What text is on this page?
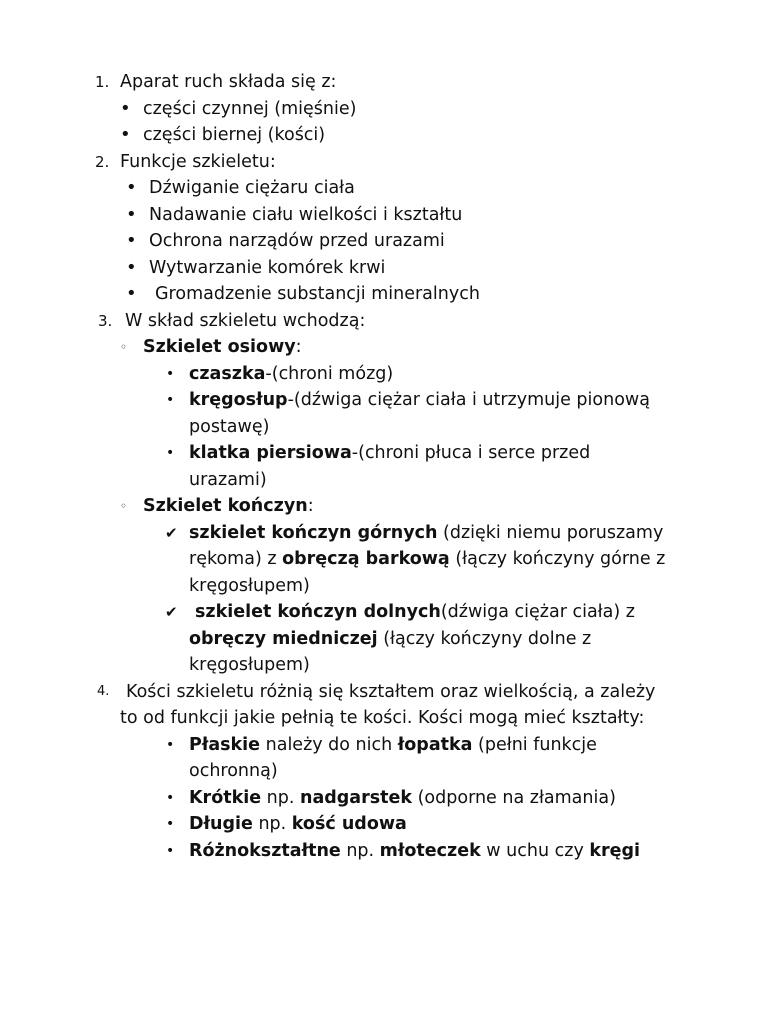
1. Aparat ruch składa się z:
• części czynnej (mięśnie)
• części biernej (kości)
2. Funkcje szkieletu:
• Dźwiganie ciężaru ciała
• Nadawanie ciału wielkości i kształtu
• Ochrona narządów przed urazami
• Wytwarzanie komórek krwi
• Gromadzenie substancji mineralnych
3. W skład szkieletu wchodzą:
◦ Szkielet osiowy:
• czaszka-(chroni mózg)
• kręgosłup-(dźwiga ciężar ciała i utrzymuje pionową
postawę)
• klatka piersiowa-(chroni płuca i serce przed
urazami)
◦ Szkielet kończyn:
✔ szkielet kończyn górnych (dzięki niemu poruszamy
rękoma) z obręczą barkową (łączy kończyny górne z
kręgosłupem)
✔ szkielet kończyn dolnych(dźwiga ciężar ciała) z
obręczy miedniczej (łączy kończyny dolne z
kręgosłupem)
4. Kości szkieletu różnią się kształtem oraz wielkością, a zależy
to od funkcji jakie pełnią te kości. Kości mogą mieć kształty:
• Płaskie należy do nich łopatka (pełni funkcje
ochronną)
• Krótkie np. nadgarstek (odporne na złamania)
• Długie np. kość udowa
• Różnokształtne np. młoteczek w uchu czy kręgi
